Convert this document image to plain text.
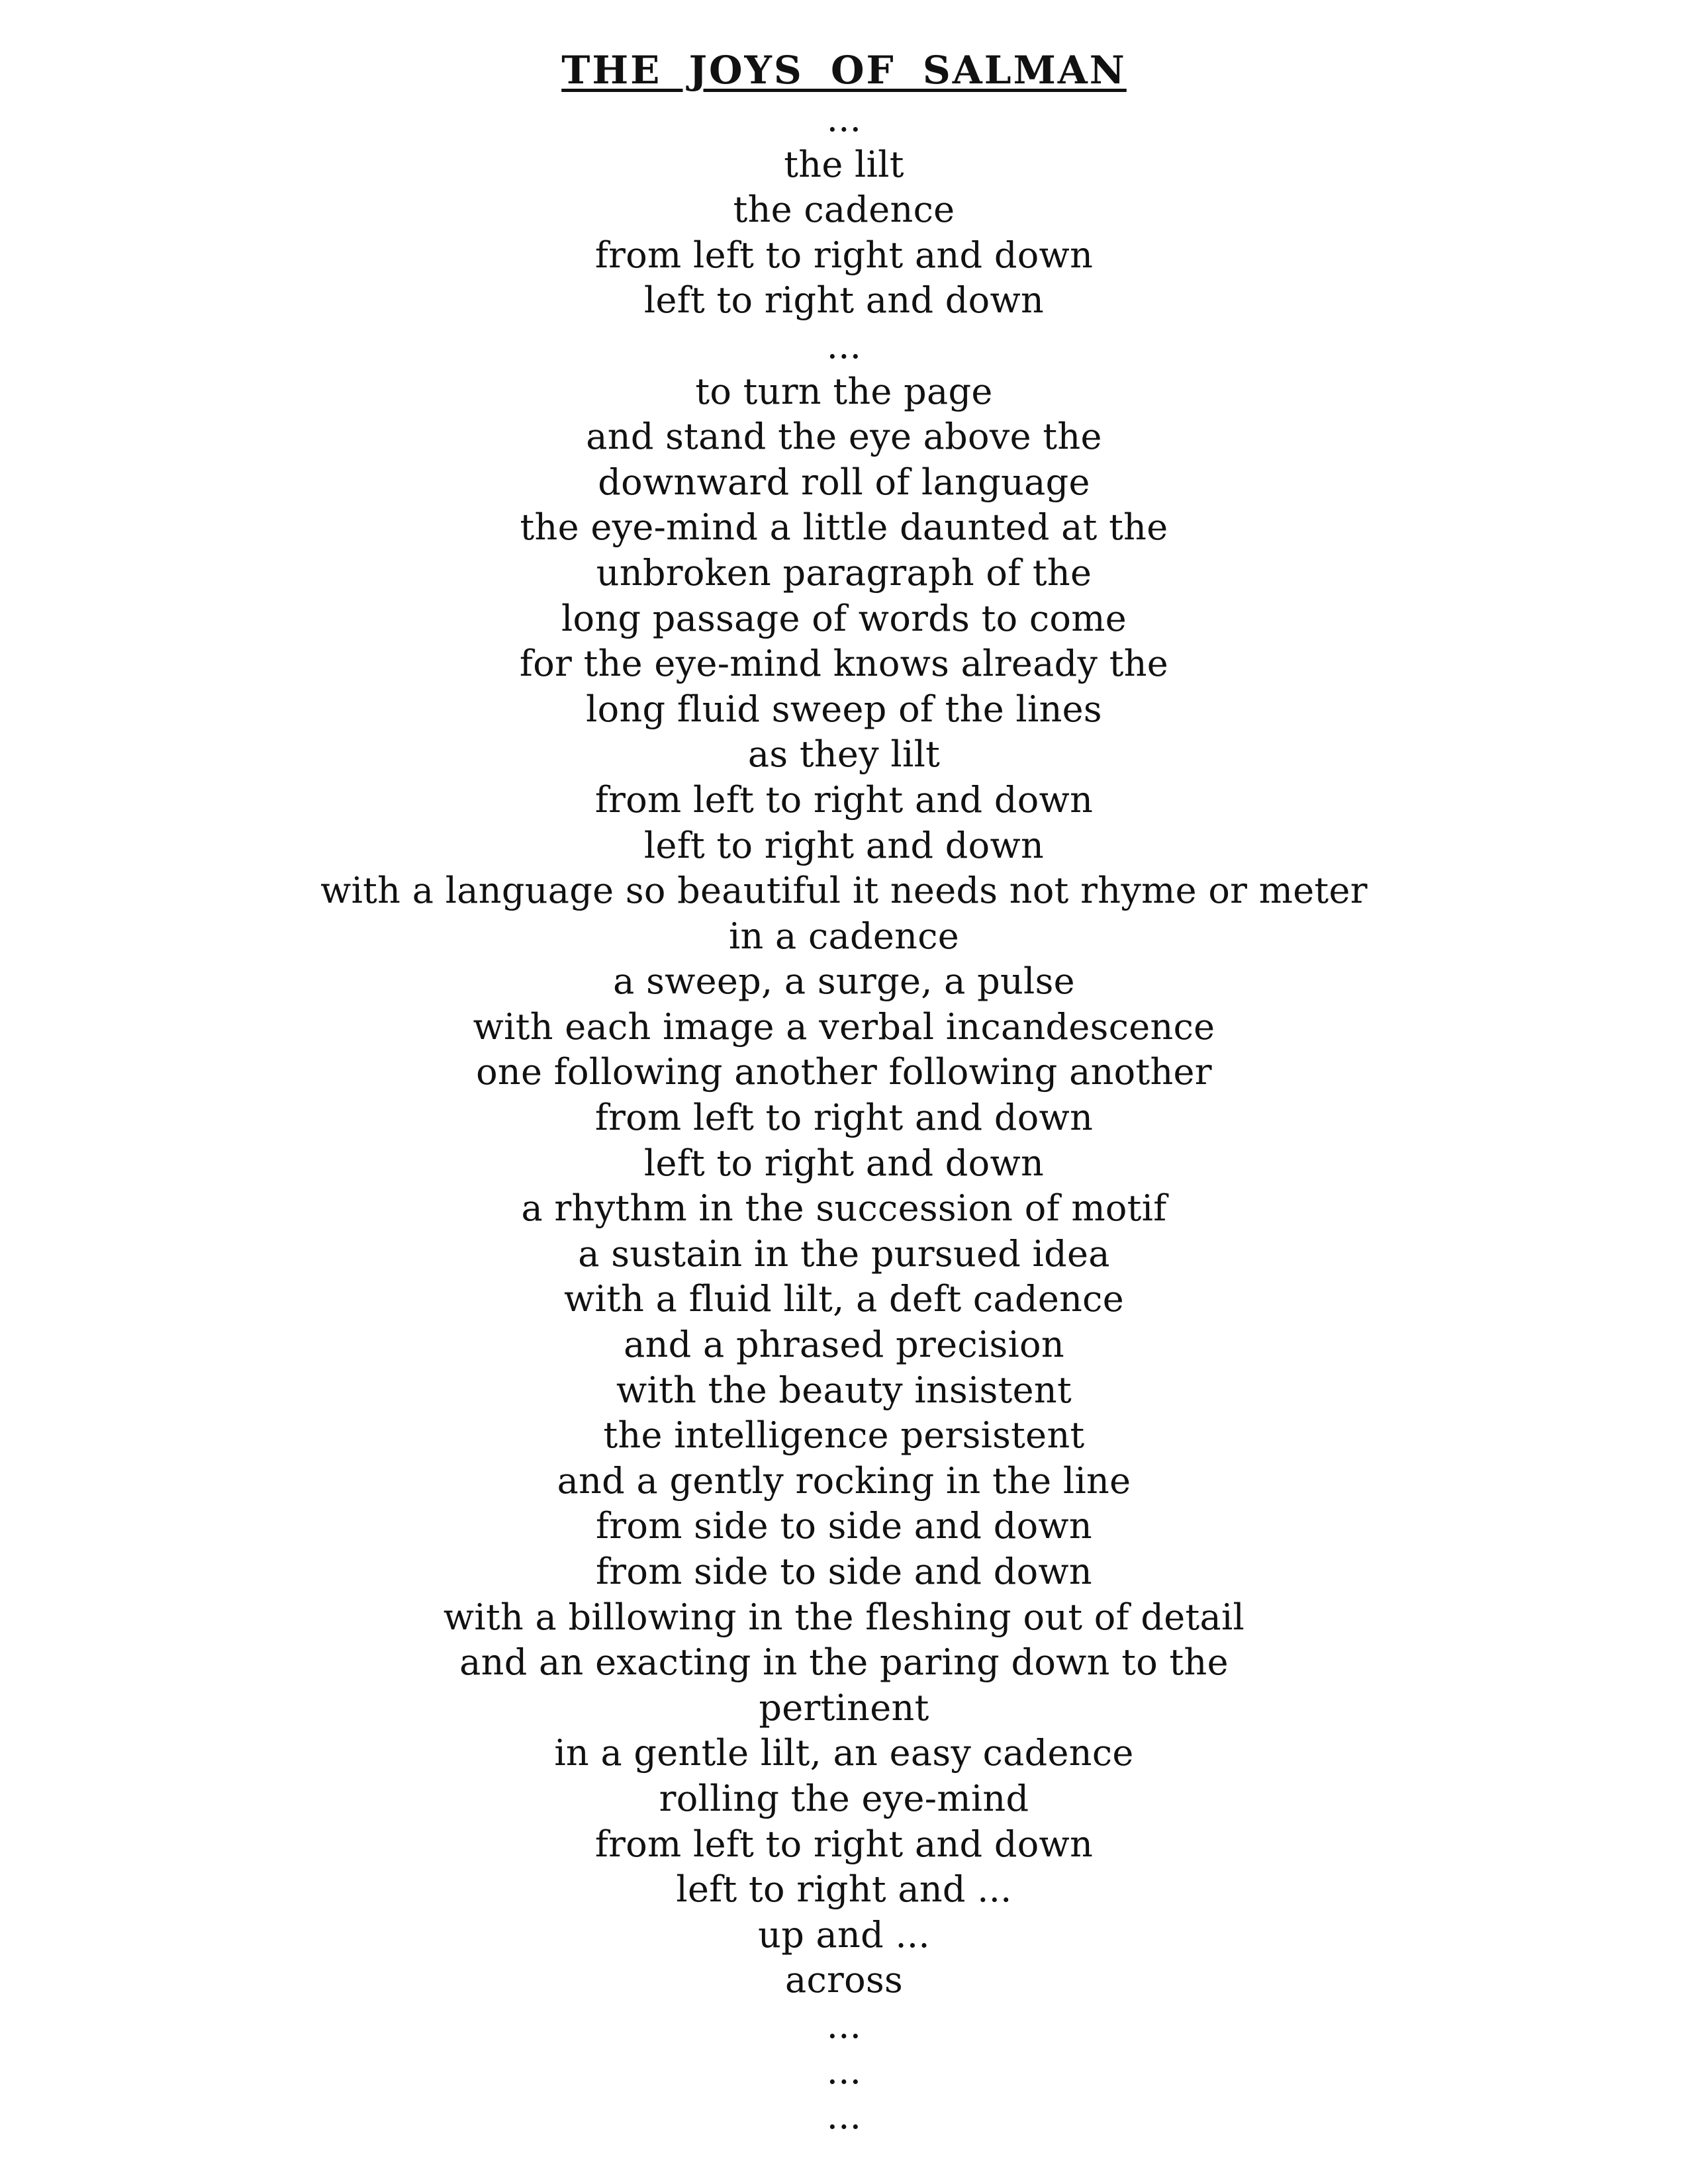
THE JOYS OF SALMAN
...
the lilt
the cadence
from left to right and down
left to right and down
...
to turn the page
and stand the eye above the
downward roll of language
the eye-mind a little daunted at the
unbroken paragraph of the
long passage of words to come
for the eye-mind knows already the
long fluid sweep of the lines
as they lilt
from left to right and down
left to right and down
with a language so beautiful it needs not rhyme or meter
in a cadence
a sweep, a surge, a pulse
with each image a verbal incandescence
one following another following another
from left to right and down
left to right and down
a rhythm in the succession of motif
a sustain in the pursued idea
with a fluid lilt, a deft cadence
and a phrased precision
with the beauty insistent
the intelligence persistent
and a gently rocking in the line
from side to side and down
from side to side and down
with a billowing in the fleshing out of detail
and an exacting in the paring down to the
pertinent
in a gentle lilt, an easy cadence
rolling the eye-mind
from left to right and down
left to right and ...
up and ...
across
...
...
...
